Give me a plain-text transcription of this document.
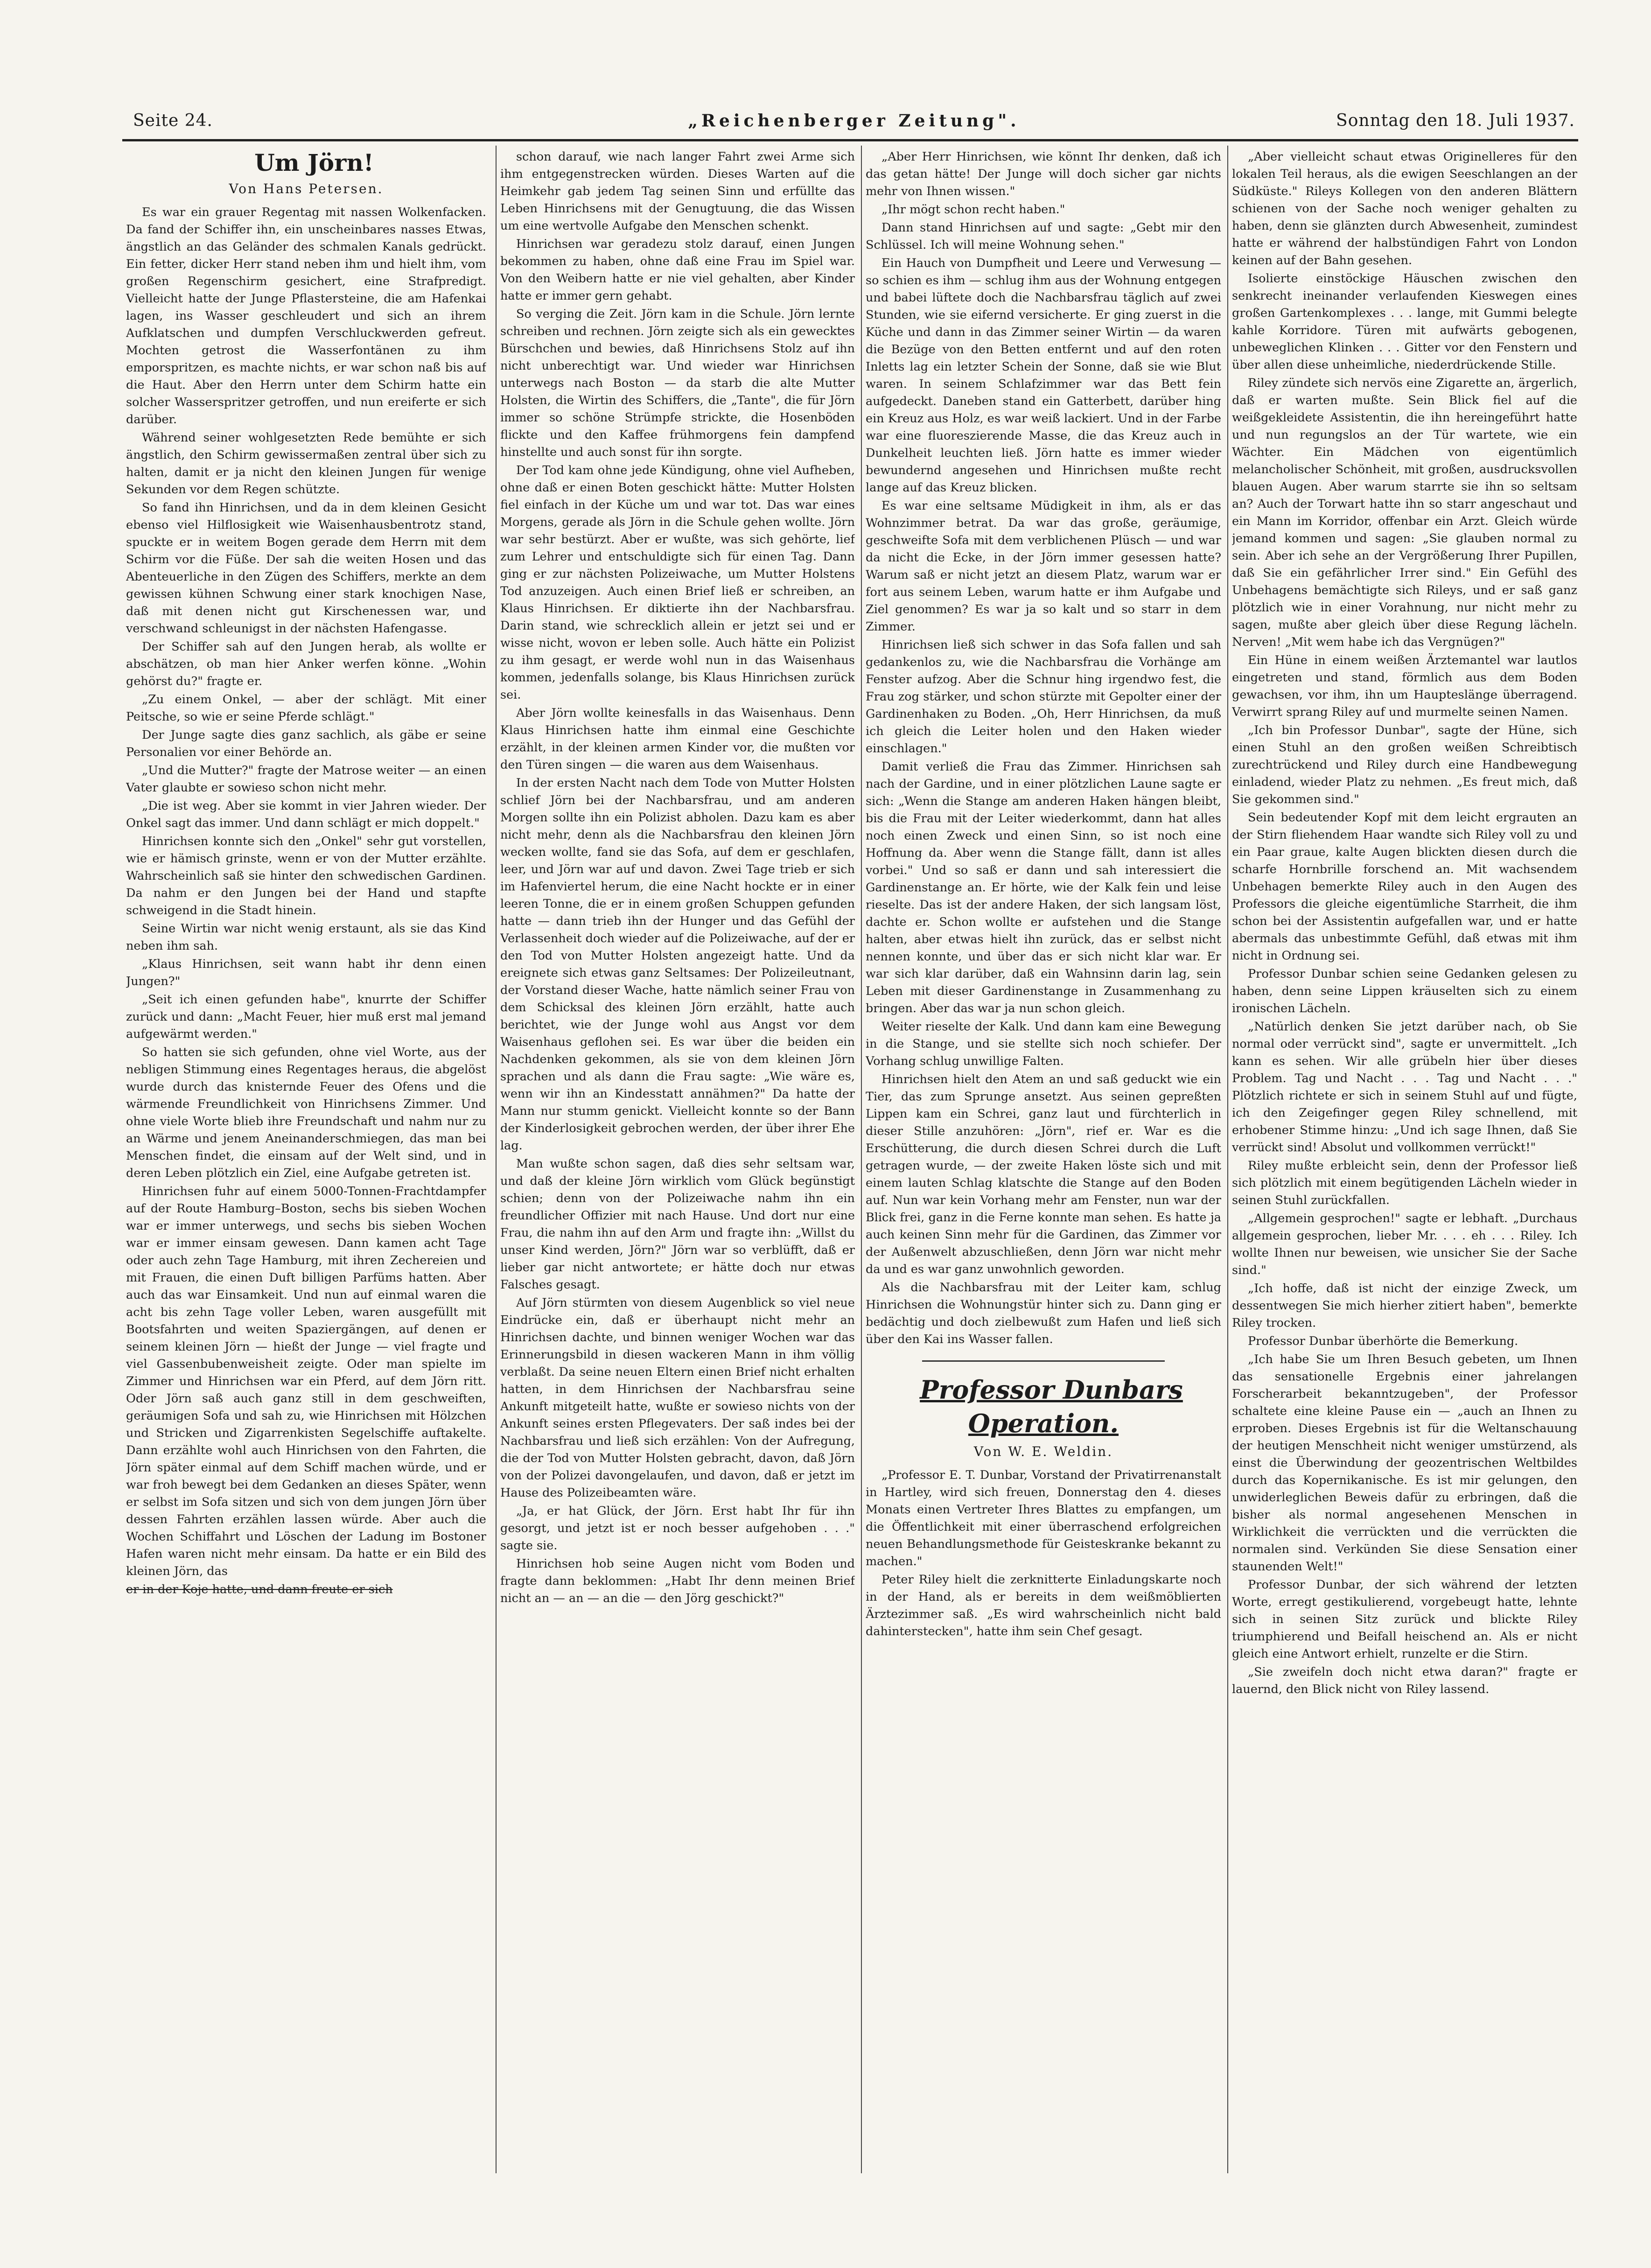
Seite 24.	„Reichenberger Zeitung".	Sonntag den 18. Juli 1937.

Um Jörn!

Von Hans Petersen.

Es war ein grauer Regentag mit nassen Wolkenfacken. Da fand der Schiffer ihn, ein unscheinbares nasses Etwas, ängstlich an das Geländer des schmalen Kanals gedrückt. Ein fetter, dicker Herr stand neben ihm und hielt ihm, vom großen Regenschirm gesichert, eine Strafpredigt. Vielleicht hatte der Junge Pflastersteine, die am Hafenkai lagen, ins Wasser geschleudert und sich an ihrem Aufklatschen und dumpfen Verschluckwerden gefreut. Mochten getrost die Wasserfontänen zu ihm emporspritzen, es machte nichts, er war schon naß bis auf die Haut. Aber den Herrn unter dem Schirm hatte ein solcher Wasserspritzer getroffen, und nun ereiferte er sich darüber.

Während seiner wohlgesetzten Rede bemühte er sich ängstlich, den Schirm gewissermaßen zentral über sich zu halten, damit er ja nicht den kleinen Jungen für wenige Sekunden vor dem Regen schützte.

So fand ihn Hinrichsen, und da in dem kleinen Gesicht ebenso viel Hilflosigkeit wie Waisenhausbentrotz stand, spuckte er in weitem Bogen gerade dem Herrn mit dem Schirm vor die Füße. Der sah die weiten Hosen und das Abenteuerliche in den Zügen des Schiffers, merkte an dem gewissen kühnen Schwung einer stark knochigen Nase, daß mit denen nicht gut Kirschenessen war, und verschwand schleunigst in der nächsten Hafengasse.

Der Schiffer sah auf den Jungen herab, als wollte er abschätzen, ob man hier Anker werfen könne. „Wohin gehörst du?" fragte er.

„Zu einem Onkel, — aber der schlägt. Mit einer Peitsche, so wie er seine Pferde schlägt."

Der Junge sagte dies ganz sachlich, als gäbe er seine Personalien vor einer Behörde an.

„Und die Mutter?" fragte der Matrose weiter — an einen Vater glaubte er sowieso schon nicht mehr.

„Die ist weg. Aber sie kommt in vier Jahren wieder. Der Onkel sagt das immer. Und dann schlägt er mich doppelt."

Hinrichsen konnte sich den „Onkel" sehr gut vorstellen, wie er hämisch grinste, wenn er von der Mutter erzählte. Wahrscheinlich saß sie hinter den schwedischen Gardinen. Da nahm er den Jungen bei der Hand und stapfte schweigend in die Stadt hinein.

Seine Wirtin war nicht wenig erstaunt, als sie das Kind neben ihm sah.

„Klaus Hinrichsen, seit wann habt ihr denn einen Jungen?"

„Seit ich einen gefunden habe", knurrte der Schiffer zurück und dann: „Macht Feuer, hier muß erst mal jemand aufgewärmt werden."

So hatten sie sich gefunden, ohne viel Worte, aus der nebligen Stimmung eines Regentages heraus, die abgelöst wurde durch das knisternde Feuer des Ofens und die wärmende Freundlichkeit von Hinrichsens Zimmer. Und ohne viele Worte blieb ihre Freundschaft und nahm nur zu an Wärme und jenem Aneinanderschmiegen, das man bei Menschen findet, die einsam auf der Welt sind, und in deren Leben plötzlich ein Ziel, eine Aufgabe getreten ist.

Hinrichsen fuhr auf einem 5000-Tonnen-Frachtdampfer auf der Route Hamburg–Boston, sechs bis sieben Wochen war er immer unterwegs, und sechs bis sieben Wochen war er immer einsam gewesen. Dann kamen acht Tage oder auch zehn Tage Hamburg, mit ihren Zechereien und mit Frauen, die einen Duft billigen Parfüms hatten. Aber auch das war Einsamkeit. Und nun auf einmal waren die acht bis zehn Tage voller Leben, waren ausgefüllt mit Bootsfahrten und weiten Spaziergängen, auf denen er seinem kleinen Jörn — hießt der Junge — viel fragte und viel Gassenbubenweisheit zeigte. Oder man spielte im Zimmer und Hinrichsen war ein Pferd, auf dem Jörn ritt. Oder Jörn saß auch ganz still in dem geschweiften, geräumigen Sofa und sah zu, wie Hinrichsen mit Hölzchen und Stricken und Zigarrenkisten Segelschiffe auftakelte. Dann erzählte wohl auch Hinrichsen von den Fahrten, die Jörn später einmal auf dem Schiff machen würde, und er war froh bewegt bei dem Gedanken an dieses Später, wenn er selbst im Sofa sitzen und sich von dem jungen Jörn über dessen Fahrten erzählen lassen würde. Aber auch die Wochen Schiffahrt und Löschen der Ladung im Bostoner Hafen waren nicht mehr einsam. Da hatte er ein Bild des kleinen Jörn, das

er in der Koje hatte, und dann freute er sich

schon darauf, wie nach langer Fahrt zwei Arme sich ihm entgegenstrecken würden. Dieses Warten auf die Heimkehr gab jedem Tag seinen Sinn und erfüllte das Leben Hinrichsens mit der Genugtuung, die das Wissen um eine wertvolle Aufgabe den Menschen schenkt.

Hinrichsen war geradezu stolz darauf, einen Jungen bekommen zu haben, ohne daß eine Frau im Spiel war. Von den Weibern hatte er nie viel gehalten, aber Kinder hatte er immer gern gehabt.

So verging die Zeit. Jörn kam in die Schule. Jörn lernte schreiben und rechnen. Jörn zeigte sich als ein gewecktes Bürschchen und bewies, daß Hinrichsens Stolz auf ihn nicht unberechtigt war. Und wieder war Hinrichsen unterwegs nach Boston — da starb die alte Mutter Holsten, die Wirtin des Schiffers, die „Tante", die für Jörn immer so schöne Strümpfe strickte, die Hosenböden flickte und den Kaffee frühmorgens fein dampfend hinstellte und auch sonst für ihn sorgte.

Der Tod kam ohne jede Kündigung, ohne viel Aufheben, ohne daß er einen Boten geschickt hätte: Mutter Holsten fiel einfach in der Küche um und war tot. Das war eines Morgens, gerade als Jörn in die Schule gehen wollte. Jörn war sehr bestürzt. Aber er wußte, was sich gehörte, lief zum Lehrer und entschuldigte sich für einen Tag. Dann ging er zur nächsten Polizeiwache, um Mutter Holstens Tod anzuzeigen. Auch einen Brief ließ er schreiben, an Klaus Hinrichsen. Er diktierte ihn der Nachbarsfrau. Darin stand, wie schrecklich allein er jetzt sei und er wisse nicht, wovon er leben solle. Auch hätte ein Polizist zu ihm gesagt, er werde wohl nun in das Waisenhaus kommen, jedenfalls solange, bis Klaus Hinrichsen zurück sei.

Aber Jörn wollte keinesfalls in das Waisenhaus. Denn Klaus Hinrichsen hatte ihm einmal eine Geschichte erzählt, in der kleinen armen Kinder vor, die mußten vor den Türen singen — die waren aus dem Waisenhaus.

In der ersten Nacht nach dem Tode von Mutter Holsten schlief Jörn bei der Nachbarsfrau, und am anderen Morgen sollte ihn ein Polizist abholen. Dazu kam es aber nicht mehr, denn als die Nachbarsfrau den kleinen Jörn wecken wollte, fand sie das Sofa, auf dem er geschlafen, leer, und Jörn war auf und davon. Zwei Tage trieb er sich im Hafenviertel herum, die eine Nacht hockte er in einer leeren Tonne, die er in einem großen Schuppen gefunden hatte — dann trieb ihn der Hunger und das Gefühl der Verlassenheit doch wieder auf die Polizeiwache, auf der er den Tod von Mutter Holsten angezeigt hatte. Und da ereignete sich etwas ganz Seltsames: Der Polizeileutnant, der Vorstand dieser Wache, hatte nämlich seiner Frau von dem Schicksal des kleinen Jörn erzählt, hatte auch berichtet, wie der Junge wohl aus Angst vor dem Waisenhaus geflohen sei. Es war über die beiden ein Nachdenken gekommen, als sie von dem kleinen Jörn sprachen und als dann die Frau sagte: „Wie wäre es, wenn wir ihn an Kindesstatt annähmen?" Da hatte der Mann nur stumm genickt. Vielleicht konnte so der Bann der Kinderlosigkeit gebrochen werden, der über ihrer Ehe lag.

Man wußte schon sagen, daß dies sehr seltsam war, und daß der kleine Jörn wirklich vom Glück begünstigt schien; denn von der Polizeiwache nahm ihn ein freundlicher Offizier mit nach Hause. Und dort nur eine Frau, die nahm ihn auf den Arm und fragte ihn: „Willst du unser Kind werden, Jörn?" Jörn war so verblüfft, daß er lieber gar nicht antwortete; er hätte doch nur etwas Falsches gesagt.

Auf Jörn stürmten von diesem Augenblick so viel neue Eindrücke ein, daß er überhaupt nicht mehr an Hinrichsen dachte, und binnen weniger Wochen war das Erinnerungsbild in diesen wackeren Mann in ihm völlig verblaßt. Da seine neuen Eltern einen Brief nicht erhalten hatten, in dem Hinrichsen der Nachbarsfrau seine Ankunft mitgeteilt hatte, wußte er sowieso nichts von der Ankunft seines ersten Pflegevaters. Der saß indes bei der Nachbarsfrau und ließ sich erzählen: Von der Aufregung, die der Tod von Mutter Holsten gebracht, davon, daß Jörn von der Polizei davongelaufen, und davon, daß er jetzt im Hause des Polizeibeamten wäre.

„Ja, er hat Glück, der Jörn. Erst habt Ihr für ihn gesorgt, und jetzt ist er noch besser aufgehoben . . ." sagte sie.

Hinrichsen hob seine Augen nicht vom Boden und fragte dann beklommen: „Habt Ihr denn meinen Brief nicht an — an — an die — den Jörg geschickt?"

„Aber Herr Hinrichsen, wie könnt Ihr denken, daß ich das getan hätte! Der Junge will doch sicher gar nichts mehr von Ihnen wissen."

„Ihr mögt schon recht haben."

Dann stand Hinrichsen auf und sagte: „Gebt mir den Schlüssel. Ich will meine Wohnung sehen."

Ein Hauch von Dumpfheit und Leere und Verwesung — so schien es ihm — schlug ihm aus der Wohnung entgegen und babei lüftete doch die Nachbarsfrau täglich auf zwei Stunden, wie sie eifernd versicherte. Er ging zuerst in die Küche und dann in das Zimmer seiner Wirtin — da waren die Bezüge von den Betten entfernt und auf den roten Inletts lag ein letzter Schein der Sonne, daß sie wie Blut waren. In seinem Schlafzimmer war das Bett fein aufgedeckt. Daneben stand ein Gatterbett, darüber hing ein Kreuz aus Holz, es war weiß lackiert. Und in der Farbe war eine fluoreszierende Masse, die das Kreuz auch in Dunkelheit leuchten ließ. Jörn hatte es immer wieder bewundernd angesehen und Hinrichsen mußte recht lange auf das Kreuz blicken.

Es war eine seltsame Müdigkeit in ihm, als er das Wohnzimmer betrat. Da war das große, geräumige, geschweifte Sofa mit dem verblichenen Plüsch — und war da nicht die Ecke, in der Jörn immer gesessen hatte? Warum saß er nicht jetzt an diesem Platz, warum war er fort aus seinem Leben, warum hatte er ihm Aufgabe und Ziel genommen? Es war ja so kalt und so starr in dem Zimmer.

Hinrichsen ließ sich schwer in das Sofa fallen und sah gedankenlos zu, wie die Nachbarsfrau die Vorhänge am Fenster aufzog. Aber die Schnur hing irgendwo fest, die Frau zog stärker, und schon stürzte mit Gepolter einer der Gardinenhaken zu Boden. „Oh, Herr Hinrichsen, da muß ich gleich die Leiter holen und den Haken wieder einschlagen."

Damit verließ die Frau das Zimmer. Hinrichsen sah nach der Gardine, und in einer plötzlichen Laune sagte er sich: „Wenn die Stange am anderen Haken hängen bleibt, bis die Frau mit der Leiter wiederkommt, dann hat alles noch einen Zweck und einen Sinn, so ist noch eine Hoffnung da. Aber wenn die Stange fällt, dann ist alles vorbei." Und so saß er dann und sah interessiert die Gardinenstange an. Er hörte, wie der Kalk fein und leise rieselte. Das ist der andere Haken, der sich langsam löst, dachte er. Schon wollte er aufstehen und die Stange halten, aber etwas hielt ihn zurück, das er selbst nicht nennen konnte, und über das er sich nicht klar war. Er war sich klar darüber, daß ein Wahnsinn darin lag, sein Leben mit dieser Gardinenstange in Zusammenhang zu bringen. Aber das war ja nun schon gleich.

Weiter rieselte der Kalk. Und dann kam eine Bewegung in die Stange, und sie stellte sich noch schiefer. Der Vorhang schlug unwillige Falten.

Hinrichsen hielt den Atem an und saß geduckt wie ein Tier, das zum Sprunge ansetzt. Aus seinen gepreßten Lippen kam ein Schrei, ganz laut und fürchterlich in dieser Stille anzuhören: „Jörn", rief er. War es die Erschütterung, die durch diesen Schrei durch die Luft getragen wurde, — der zweite Haken löste sich und mit einem lauten Schlag klatschte die Stange auf den Boden auf. Nun war kein Vorhang mehr am Fenster, nun war der Blick frei, ganz in die Ferne konnte man sehen. Es hatte ja auch keinen Sinn mehr für die Gardinen, das Zimmer vor der Außenwelt abzuschließen, denn Jörn war nicht mehr da und es war ganz unwohnlich geworden.

Als die Nachbarsfrau mit der Leiter kam, schlug Hinrichsen die Wohnungstür hinter sich zu. Dann ging er bedächtig und doch zielbewußt zum Hafen und ließ sich über den Kai ins Wasser fallen.

Professor Dunbars Operation.

Von W. E. Weldin.

„Professor E. T. Dunbar, Vorstand der Privatirrenanstalt in Hartley, wird sich freuen, Donnerstag den 4. dieses Monats einen Vertreter Ihres Blattes zu empfangen, um die Öffentlichkeit mit einer überraschend erfolgreichen neuen Behandlungsmethode für Geisteskranke bekannt zu machen."

Peter Riley hielt die zerknitterte Einladungskarte noch in der Hand, als er bereits in dem weißmöblierten Ärztezimmer saß. „Es wird wahrscheinlich nicht bald dahinterstecken", hatte ihm sein Chef gesagt.

„Aber vielleicht schaut etwas Originelleres für den lokalen Teil heraus, als die ewigen Seeschlangen an der Südküste." Rileys Kollegen von den anderen Blättern schienen von der Sache noch weniger gehalten zu haben, denn sie glänzten durch Abwesenheit, zumindest hatte er während der halbstündigen Fahrt von London keinen auf der Bahn gesehen.

Isolierte einstöckige Häuschen zwischen den senkrecht ineinander verlaufenden Kieswegen eines großen Gartenkomplexes . . . lange, mit Gummi belegte kahle Korridore. Türen mit aufwärts gebogenen, unbeweglichen Klinken . . . Gitter vor den Fenstern und über allen diese unheimliche, niederdrückende Stille.

Riley zündete sich nervös eine Zigarette an, ärgerlich, daß er warten mußte. Sein Blick fiel auf die weißgekleidete Assistentin, die ihn hereingeführt hatte und nun regungslos an der Tür wartete, wie ein Wächter. Ein Mädchen von eigentümlich melancholischer Schönheit, mit großen, ausdrucksvollen blauen Augen. Aber warum starrte sie ihn so seltsam an? Auch der Torwart hatte ihn so starr angeschaut und ein Mann im Korridor, offenbar ein Arzt. Gleich würde jemand kommen und sagen: „Sie glauben normal zu sein. Aber ich sehe an der Vergrößerung Ihrer Pupillen, daß Sie ein gefährlicher Irrer sind." Ein Gefühl des Unbehagens bemächtigte sich Rileys, und er saß ganz plötzlich wie in einer Vorahnung, nur nicht mehr zu sagen, mußte aber gleich über diese Regung lächeln. Nerven! „Mit wem habe ich das Vergnügen?"

Ein Hüne in einem weißen Ärztemantel war lautlos eingetreten und stand, förmlich aus dem Boden gewachsen, vor ihm, ihn um Haupteslänge überragend. Verwirrt sprang Riley auf und murmelte seinen Namen.

„Ich bin Professor Dunbar", sagte der Hüne, sich einen Stuhl an den großen weißen Schreibtisch zurechtrückend und Riley durch eine Handbewegung einladend, wieder Platz zu nehmen. „Es freut mich, daß Sie gekommen sind."

Sein bedeutender Kopf mit dem leicht ergrauten an der Stirn fliehendem Haar wandte sich Riley voll zu und ein Paar graue, kalte Augen blickten diesen durch die scharfe Hornbrille forschend an. Mit wachsendem Unbehagen bemerkte Riley auch in den Augen des Professors die gleiche eigentümliche Starrheit, die ihm schon bei der Assistentin aufgefallen war, und er hatte abermals das unbestimmte Gefühl, daß etwas mit ihm nicht in Ordnung sei.

Professor Dunbar schien seine Gedanken gelesen zu haben, denn seine Lippen kräuselten sich zu einem ironischen Lächeln.

„Natürlich denken Sie jetzt darüber nach, ob Sie normal oder verrückt sind", sagte er unvermittelt. „Ich kann es sehen. Wir alle grübeln hier über dieses Problem. Tag und Nacht . . . Tag und Nacht . . ." Plötzlich richtete er sich in seinem Stuhl auf und fügte, ich den Zeigefinger gegen Riley schnellend, mit erhobener Stimme hinzu: „Und ich sage Ihnen, daß Sie verrückt sind! Absolut und vollkommen verrückt!"

Riley mußte erbleicht sein, denn der Professor ließ sich plötzlich mit einem begütigenden Lächeln wieder in seinen Stuhl zurückfallen.

„Allgemein gesprochen!" sagte er lebhaft. „Durchaus allgemein gesprochen, lieber Mr. . . . eh . . . Riley. Ich wollte Ihnen nur beweisen, wie unsicher Sie der Sache sind."

„Ich hoffe, daß ist nicht der einzige Zweck, um dessentwegen Sie mich hierher zitiert haben", bemerkte Riley trocken.

Professor Dunbar überhörte die Bemerkung.

„Ich habe Sie um Ihren Besuch gebeten, um Ihnen das sensationelle Ergebnis einer jahrelangen Forscherarbeit bekanntzugeben", der Professor schaltete eine kleine Pause ein — „auch an Ihnen zu erproben. Dieses Ergebnis ist für die Weltanschauung der heutigen Menschheit nicht weniger umstürzend, als einst die Überwindung der geozentrischen Weltbildes durch das Kopernikanische. Es ist mir gelungen, den unwiderleglichen Beweis dafür zu erbringen, daß die bisher als normal angesehenen Menschen in Wirklichkeit die verrückten und die verrückten die normalen sind. Verkünden Sie diese Sensation einer staunenden Welt!"

Professor Dunbar, der sich während der letzten Worte, erregt gestikulierend, vorgebeugt hatte, lehnte sich in seinen Sitz zurück und blickte Riley triumphierend und Beifall heischend an. Als er nicht gleich eine Antwort erhielt, runzelte er die Stirn.

„Sie zweifeln doch nicht etwa daran?" fragte er lauernd, den Blick nicht von Riley lassend.
